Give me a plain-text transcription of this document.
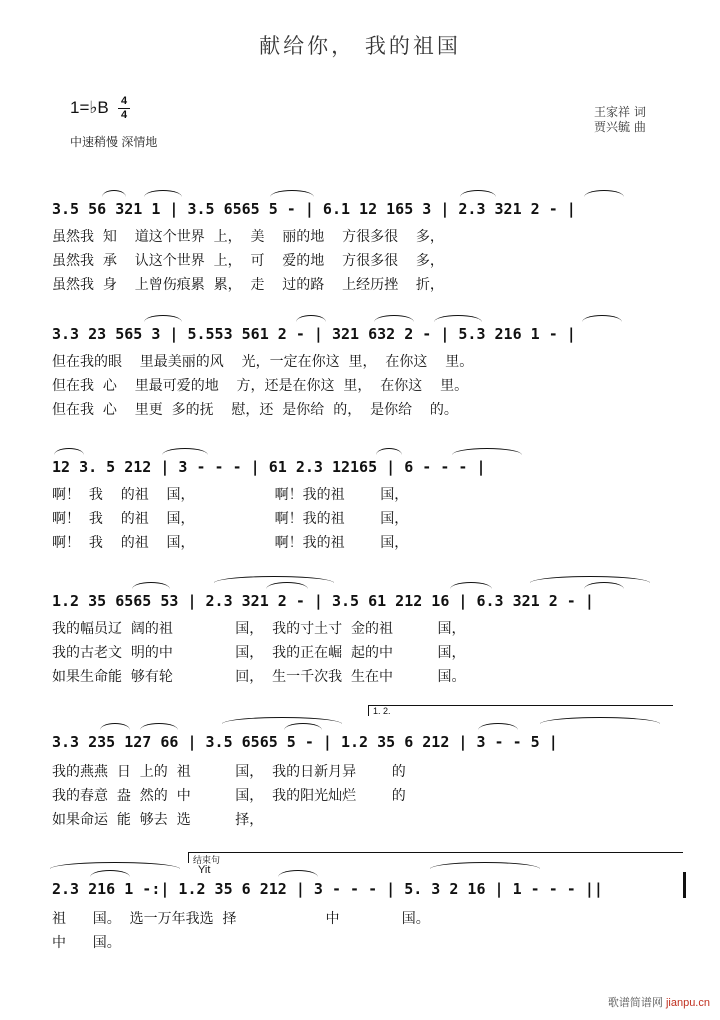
献给你， 我的祖国
1=♭B 4
4
中速稍慢 深情地
王家祥 词
贾兴毓 曲
3.5 56 321 1 | 3.5 6565 5 - | 6.1 12 165 3 | 2.3 321 2 - |
虽然我  知    道这个世界  上，  美    丽的地    方很多很    多，
虽然我  承    认这个世界  上，  可    爱的地    方很多很    多，
虽然我  身    上曾伤痕累  累，  走    过的路    上经历挫    折，
3.3 23 565 3 | 5.553 561 2 - | 321 632 2 - | 5.3 216 1 - |
但在我的眼    里最美丽的风    光，一定在你这  里，  在你这    里。
但在我  心    里最可爱的地    方，还是在你这  里，  在你这    里。
但在我  心    里更  多的抚    慰，还  是你给  的，  是你给    的。
12 3. 5 212 | 3 - - - | 61 2.3 12165 | 6 - - - |
啊！  我    的祖    国，                  啊！我的祖        国，
啊！  我    的祖    国，                  啊！我的祖        国，
啊！  我    的祖    国，                  啊！我的祖        国，
1.2 35 6565 53 | 2.3 321 2 - | 3.5 61 212 16 | 6.3 321 2 - |
我的幅员辽  阔的祖              国，  我的寸土寸  金的祖          国，
我的古老文  明的中              国，  我的正在崛  起的中          国，
如果生命能  够有轮              回，  生一千次我  生在中          国。
1. 2.
3.3 235 127 66 | 3.5 6565 5 - | 1.2 35 6 212 | 3 - - 5 |
我的燕燕  日  上的  祖          国，  我的日新月异        的
我的春意  盎  然的  中          国，  我的阳光灿烂        的
如果命运  能  够去  选          择，
结束句
Yit
2.3 216 1 -:| 1.2 35 6 212 | 3 - - - | 5. 3 2 16 | 1 - - - ||
祖      国。  选一万年我选  择                    中              国。
中      国。
歌谱简谱网 jianpu.cn
